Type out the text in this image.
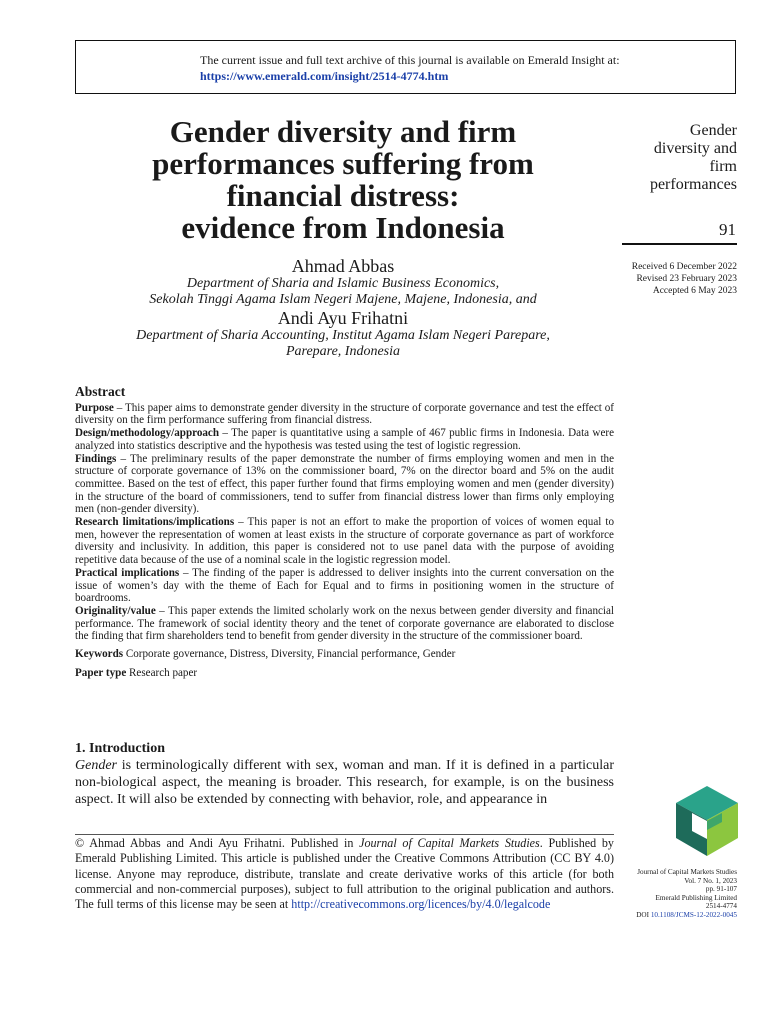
The current issue and full text archive of this journal is available on Emerald Insight at:
https://www.emerald.com/insight/2514-4774.htm
Gender diversity and firm
performances suffering from
financial distress:
evidence from Indonesia
Gender
diversity and
firm
performances
91
Received 6 December 2022
Revised 23 February 2023
Accepted 6 May 2023
Ahmad Abbas
Department of Sharia and Islamic Business Economics,
Sekolah Tinggi Agama Islam Negeri Majene, Majene, Indonesia, and
Andi Ayu Frihatni
Department of Sharia Accounting, Institut Agama Islam Negeri Parepare,
Parepare, Indonesia
Abstract

Purpose – This paper aims to demonstrate gender diversity in the structure of corporate governance and test the effect of diversity on the firm performance suffering from financial distress.

Design/methodology/approach – The paper is quantitative using a sample of 467 public firms in Indonesia. Data were analyzed into statistics descriptive and the hypothesis was tested using the test of logistic regression.

Findings – The preliminary results of the paper demonstrate the number of firms employing women and men in the structure of corporate governance of 13% on the commissioner board, 7% on the director board and 5% on the audit committee. Based on the test of effect, this paper further found that firms employing women and men (gender diversity) in the structure of the board of commissioners, tend to suffer from financial distress lower than firms only employing men (non-gender diversity).

Research limitations/implications – This paper is not an effort to make the proportion of voices of women equal to men, however the representation of women at least exists in the structure of corporate governance as part of workforce diversity and inclusivity. In addition, this paper is considered not to use panel data with the purpose of avoiding repetitive data because of the use of a nominal scale in the logistic regression model.

Practical implications – The finding of the paper is addressed to deliver insights into the current conversation on the issue of women’s day with the theme of Each for Equal and to firms in positioning women in the structure of boardrooms.

Originality/value – This paper extends the limited scholarly work on the nexus between gender diversity and financial performance. The framework of social identity theory and the tenet of corporate governance are elaborated to disclose the finding that firm shareholders tend to benefit from gender diversity in the structure of the commissioner board.

Keywords Corporate governance, Distress, Diversity, Financial performance, Gender

Paper type Research paper

1. Introduction

Gender is terminologically different with sex, woman and man. If it is defined in a particular non-biological aspect, the meaning is broader. This research, for example, is on the business aspect. It will also be extended by connecting with behavior, role, and appearance in

© Ahmad Abbas and Andi Ayu Frihatni. Published in Journal of Capital Markets Studies. Published by Emerald Publishing Limited. This article is published under the Creative Commons Attribution (CC BY 4.0) license. Anyone may reproduce, distribute, translate and create derivative works of this article (for both commercial and non-commercial purposes), subject to full attribution to the original publication and authors. The full terms of this license may be seen at http://creativecommons.org/licences/by/4.0/legalcode

Journal of Capital Markets Studies
Vol. 7 No. 1, 2023
pp. 91-107
Emerald Publishing Limited
2514-4774
DOI 10.1108/JCMS-12-2022-0045
